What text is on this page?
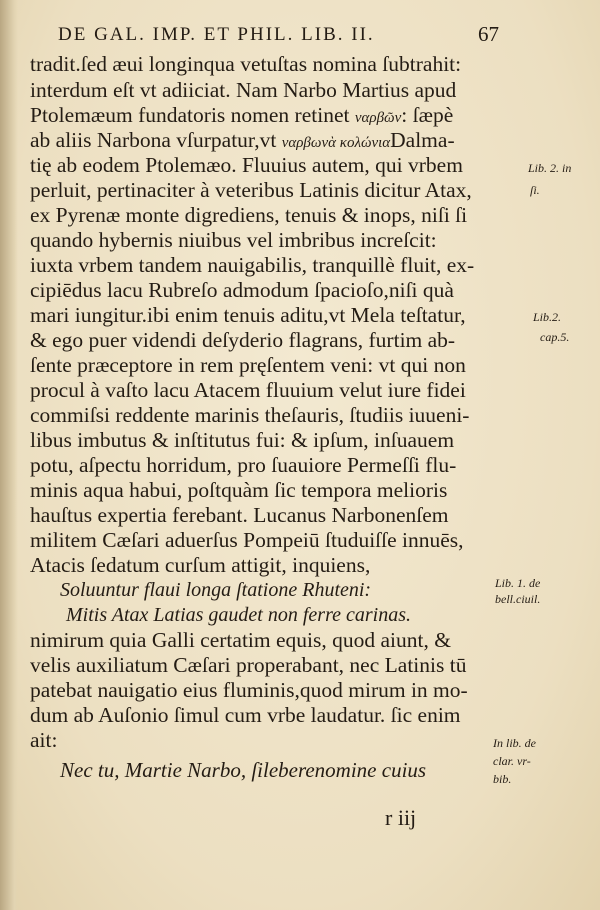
DE GAL. IMP. ET PHIL. LIB. II.	67
tradit.ſed æui longinqua vetuſtas nomina ſubtrahit:
interdum eſt vt adiiciat. Nam Narbo Martius apud
Ptolemæum fundatoris nomen retinet ναρβῶν: ſæpè
ab aliis Narbona vſurpatur,vt ναρβωνὰ κολώνιαDalma-
tię ab eodem Ptolemæo. Fluuius autem, qui vrbem
perluit, pertinaciter à veteribus Latinis dicitur Atax,
ex Pyrenæ monte digrediens, tenuis & inops, niſi ſi
quando hybernis niuibus vel imbribus increſcit:
iuxta vrbem tandem nauigabilis, tranquillè fluit, ex-
cipiēdus lacu Rubreſo admodum ſpacioſo,niſi quà
mari iungitur.ibi enim tenuis aditu,vt Mela teſtatur,
& ego puer videndi deſyderio flagrans, furtim ab-
ſente præceptore in rem pręſentem veni: vt qui non
procul à vaſto lacu Atacem fluuium velut iure fidei
commiſsi reddente marinis theſauris, ſtudiis iuueni-
libus imbutus & inſtitutus fui: & ipſum, inſuauem
potu, aſpectu horridum, pro ſuauiore Permeſſi flu-
minis aqua habui, poſtquàm ſic tempora melioris
hauſtus expertia ferebant. Lucanus Narbonenſem
militem Cæſari aduerſus Pompeiū ſtuduiſſe innuēs,
Atacis ſedatum curſum attigit, inquiens,
Soluuntur flaui longa ſtatione Rhuteni:
Mitis Atax Latias gaudet non ferre carinas.
nimirum quia Galli certatim equis, quod aiunt, &
velis auxiliatum Cæſari properabant, nec Latinis tū
patebat nauigatio eius fluminis,quod mirum in mo-
dum ab Auſonio ſimul cum vrbe laudatur. ſic enim
ait:
Nec tu, Martie Narbo, ſileberenomine cuius
Lib. 2. in
ſi.
Lib.2.
cap.5.
Lib. 1. de
bell.ciuil.
In lib. de
clar. vr-
bib.
r iij
